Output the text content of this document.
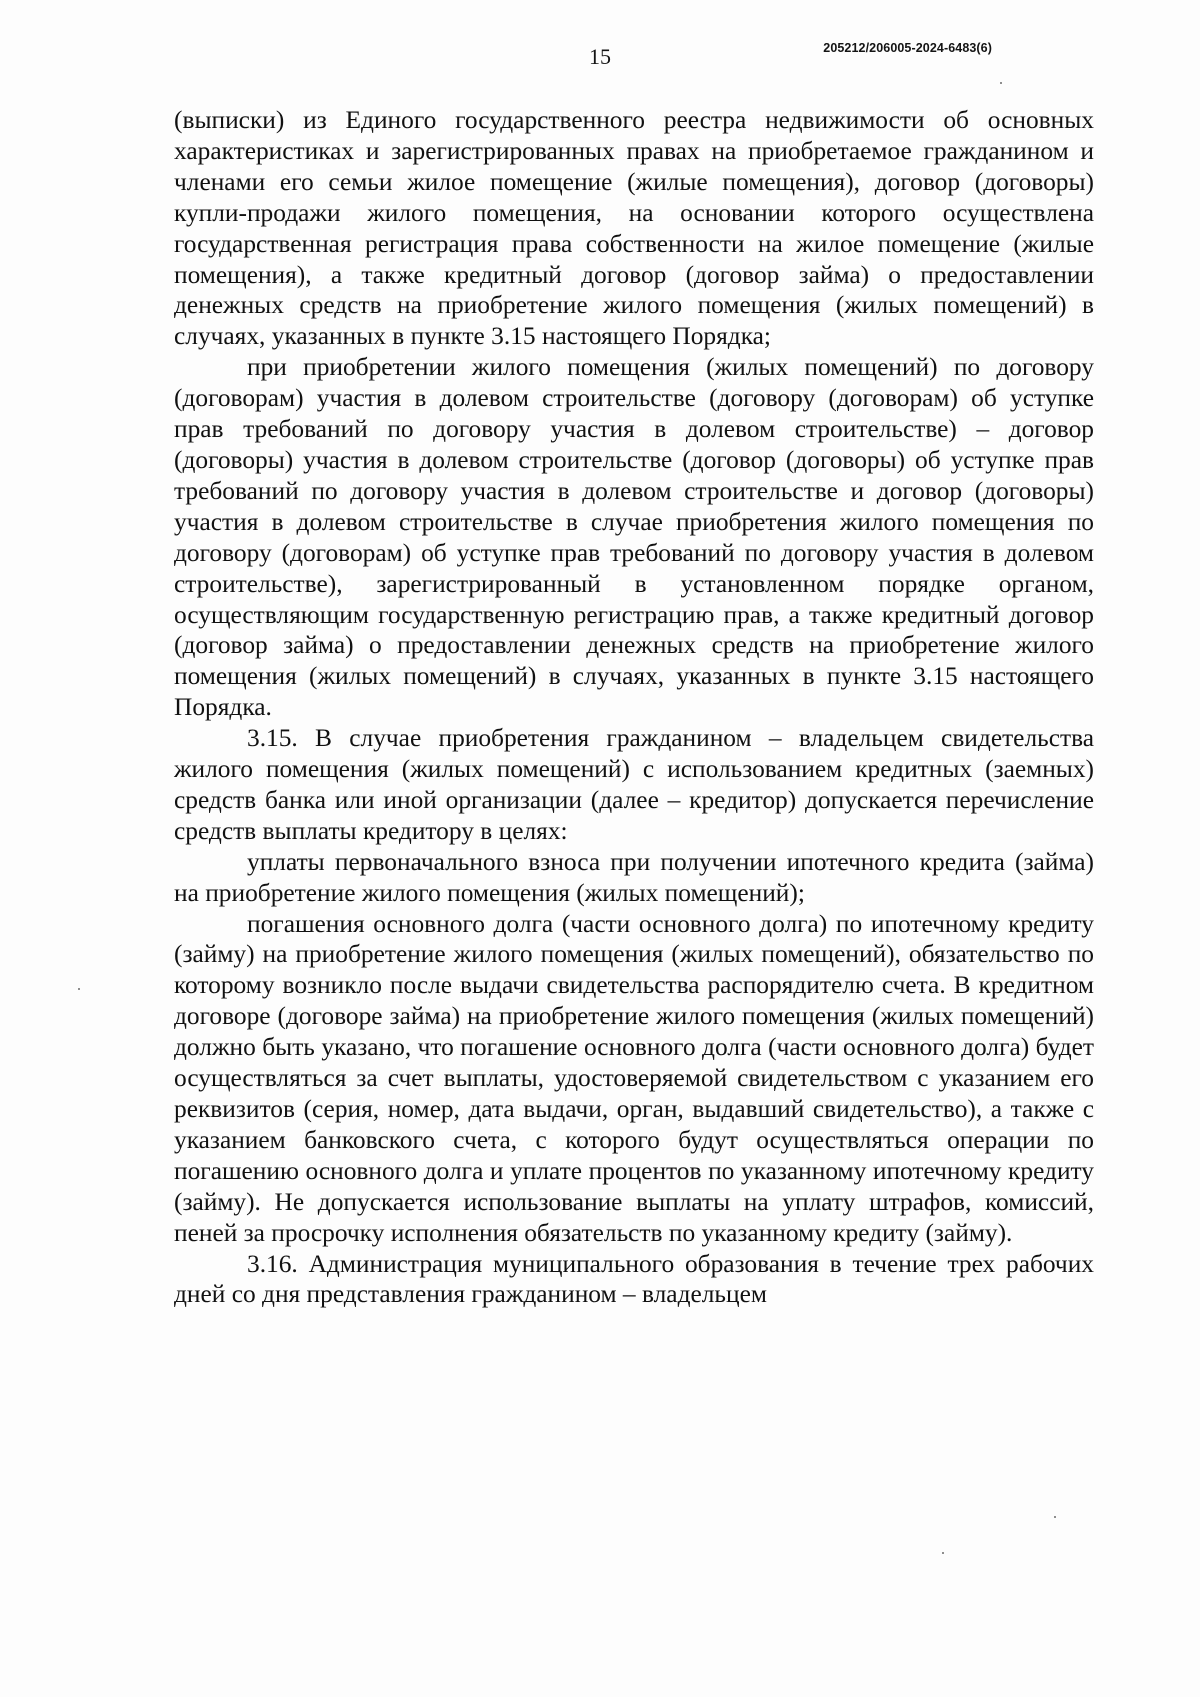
15	205212/206005-2024-6483(6)

(выписки) из Единого государственного реестра недвижимости об основных характеристиках и зарегистрированных правах на приобретаемое гражданином и членами его семьи жилое помещение (жилые помещения), договор (договоры) купли-продажи жилого помещения, на основании которого осуществлена государственная регистрация права собственности на жилое помещение (жилые помещения), а также кредитный договор (договор займа) о предоставлении денежных средств на приобретение жилого помещения (жилых помещений) в случаях, указанных в пункте 3.15 настоящего Порядка;

при приобретении жилого помещения (жилых помещений) по договору (договорам) участия в долевом строительстве (договору (договорам) об уступке прав требований по договору участия в долевом строительстве) – договор (договоры) участия в долевом строительстве (договор (договоры) об уступке прав требований по договору участия в долевом строительстве и договор (договоры) участия в долевом строительстве в случае приобретения жилого помещения по договору (договорам) об уступке прав требований по договору участия в долевом строительстве), зарегистрированный в установленном порядке органом, осуществляющим государственную регистрацию прав, а также кредитный договор (договор займа) о предоставлении денежных средств на приобретение жилого помещения (жилых помещений) в случаях, указанных в пункте 3.15 настоящего Порядка.

3.15. В случае приобретения гражданином – владельцем свидетельства жилого помещения (жилых помещений) с использованием кредитных (заемных) средств банка или иной организации (далее – кредитор) допускается перечисление средств выплаты кредитору в целях:

уплаты первоначального взноса при получении ипотечного кредита (займа) на приобретение жилого помещения (жилых помещений);

погашения основного долга (части основного долга) по ипотечному кредиту (займу) на приобретение жилого помещения (жилых помещений), обязательство по которому возникло после выдачи свидетельства распорядителю счета. В кредитном договоре (договоре займа) на приобретение жилого помещения (жилых помещений) должно быть указано, что погашение основного долга (части основного долга) будет осуществляться за счет выплаты, удостоверяемой свидетельством с указанием его реквизитов (серия, номер, дата выдачи, орган, выдавший свидетельство), а также с указанием банковского счета, с которого будут осуществляться операции по погашению основного долга и уплате процентов по указанному ипотечному кредиту (займу). Не допускается использование выплаты на уплату штрафов, комиссий, пеней за просрочку исполнения обязательств по указанному кредиту (займу).

3.16. Администрация муниципального образования в течение трех рабочих дней со дня представления гражданином – владельцем
